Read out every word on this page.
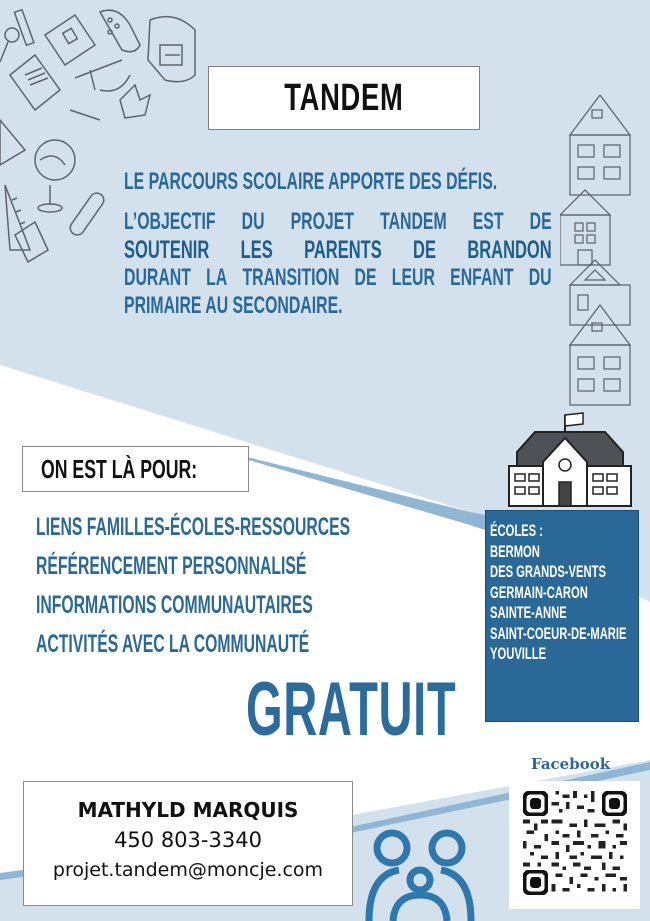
TANDEM
LE PARCOURS SCOLAIRE APPORTE DES DÉFIS.
L’OBJECTIF DU PROJET TANDEM EST DE
SOUTENIR LES PARENTS DE BRANDON
DURANT LA TRANSITION DE LEUR ENFANT DU
PRIMAIRE AU SECONDAIRE.
ON EST LÀ POUR:
LIENS FAMILLES-ÉCOLES-RESSOURCES
RÉFÉRENCEMENT PERSONNALISÉ
INFORMATIONS COMMUNAUTAIRES
ACTIVITÉS AVEC LA COMMUNAUTÉ
ÉCOLES :
BERMON
DES GRANDS-VENTS
GERMAIN-CARON
SAINTE-ANNE
SAINT-COEUR-DE-MARIE
YOUVILLE
GRATUIT
MATHYLD MARQUIS
450 803-3340
projet.tandem@moncje.com
Facebook
